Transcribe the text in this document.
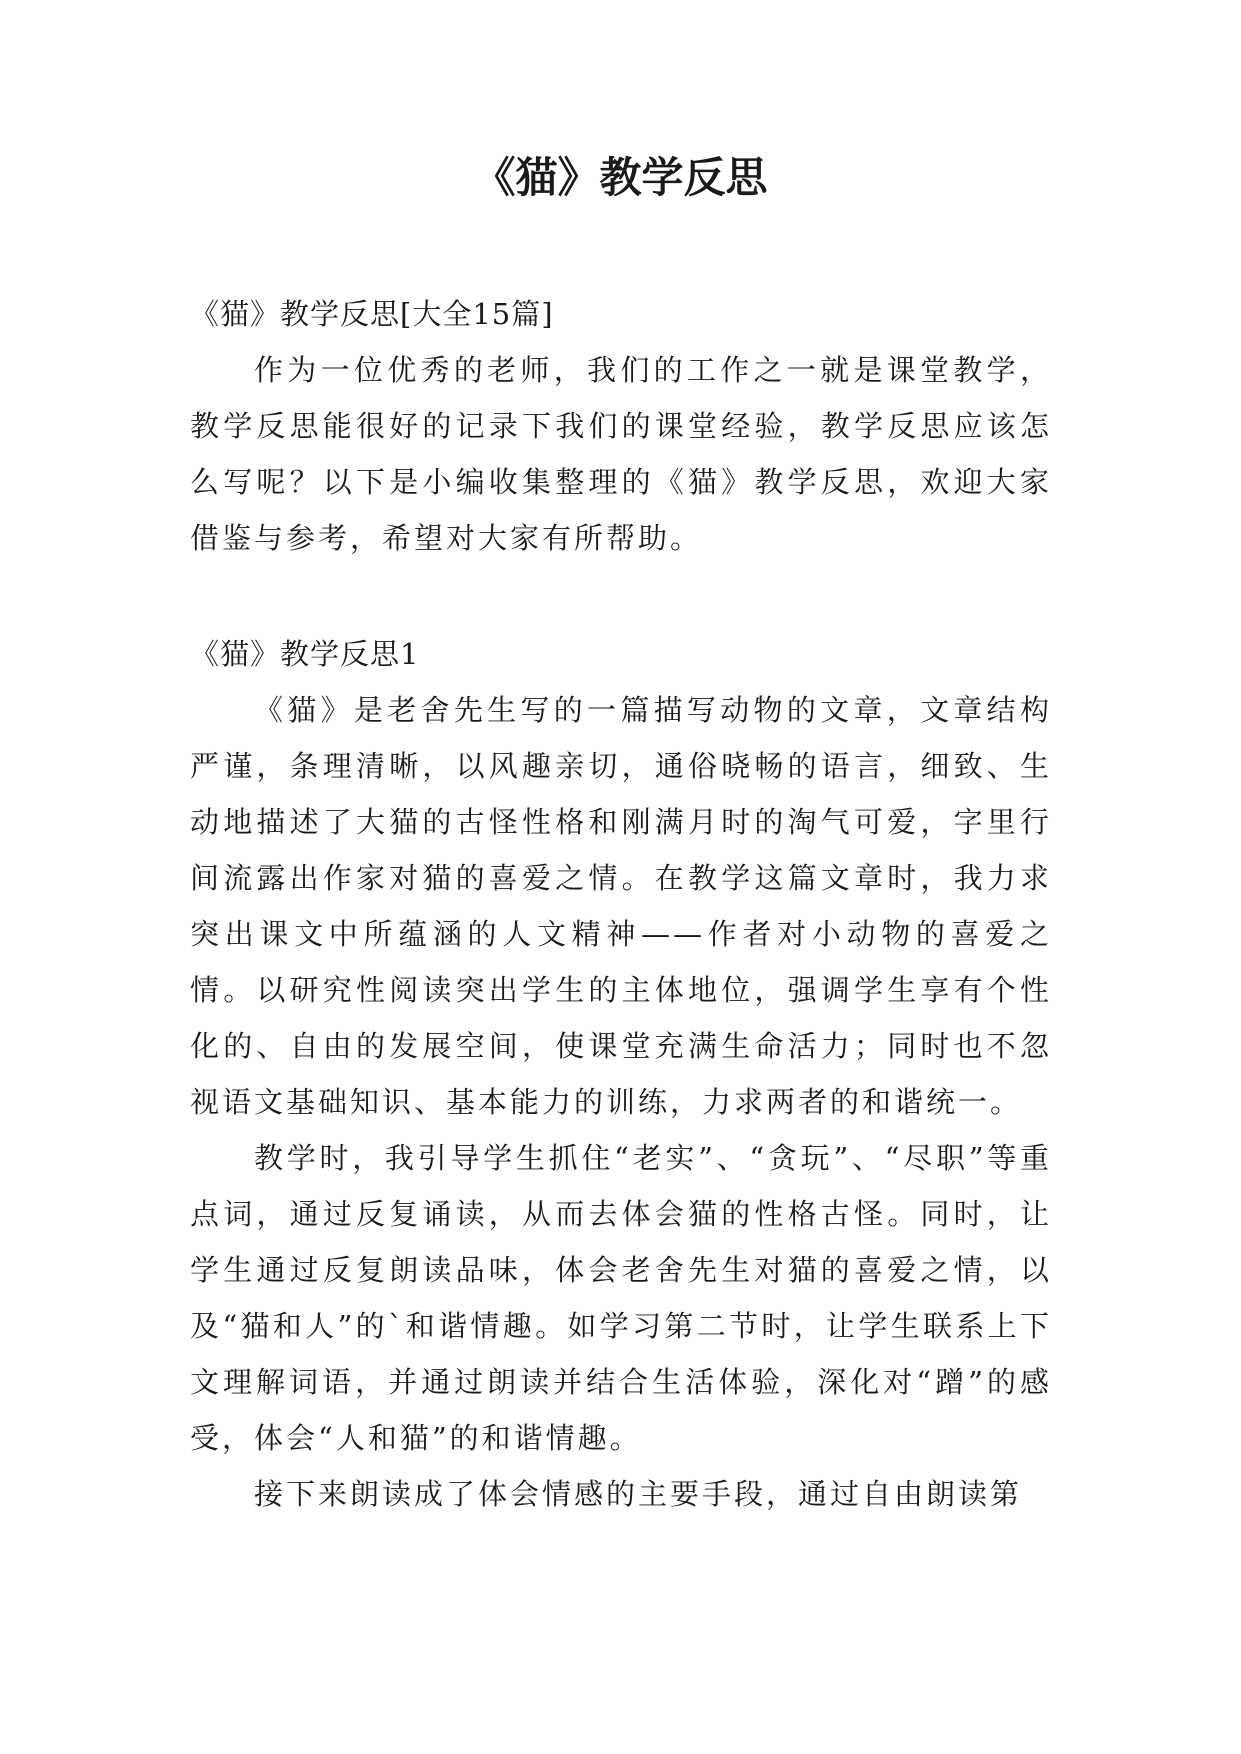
《猫》教学反思

《猫》教学反思[大全15篇]

作为一位优秀的老师，我们的工作之一就是课堂教学，教学反思能很好的记录下我们的课堂经验，教学反思应该怎么写呢？以下是小编收集整理的《猫》教学反思，欢迎大家借鉴与参考，希望对大家有所帮助。

《猫》教学反思1

《猫》是老舍先生写的一篇描写动物的文章，文章结构严谨，条理清晰，以风趣亲切，通俗晓畅的语言，细致、生动地描述了大猫的古怪性格和刚满月时的淘气可爱，字里行间流露出作家对猫的喜爱之情。在教学这篇文章时，我力求突出课文中所蕴涵的人文精神——作者对小动物的喜爱之情。以研究性阅读突出学生的主体地位，强调学生享有个性化的、自由的发展空间，使课堂充满生命活力；同时也不忽视语文基础知识、基本能力的训练，力求两者的和谐统一。

教学时，我引导学生抓住“老实”、“贪玩”、“尽职”等重点词，通过反复诵读，从而去体会猫的性格古怪。同时，让学生通过反复朗读品味，体会老舍先生对猫的喜爱之情，以及“猫和人”的`和谐情趣。如学习第二节时，让学生联系上下文理解词语，并通过朗读并结合生活体验，深化对“蹭”的感受，体会“人和猫”的和谐情趣。

接下来朗读成了体会情感的主要手段，通过自由朗读第
